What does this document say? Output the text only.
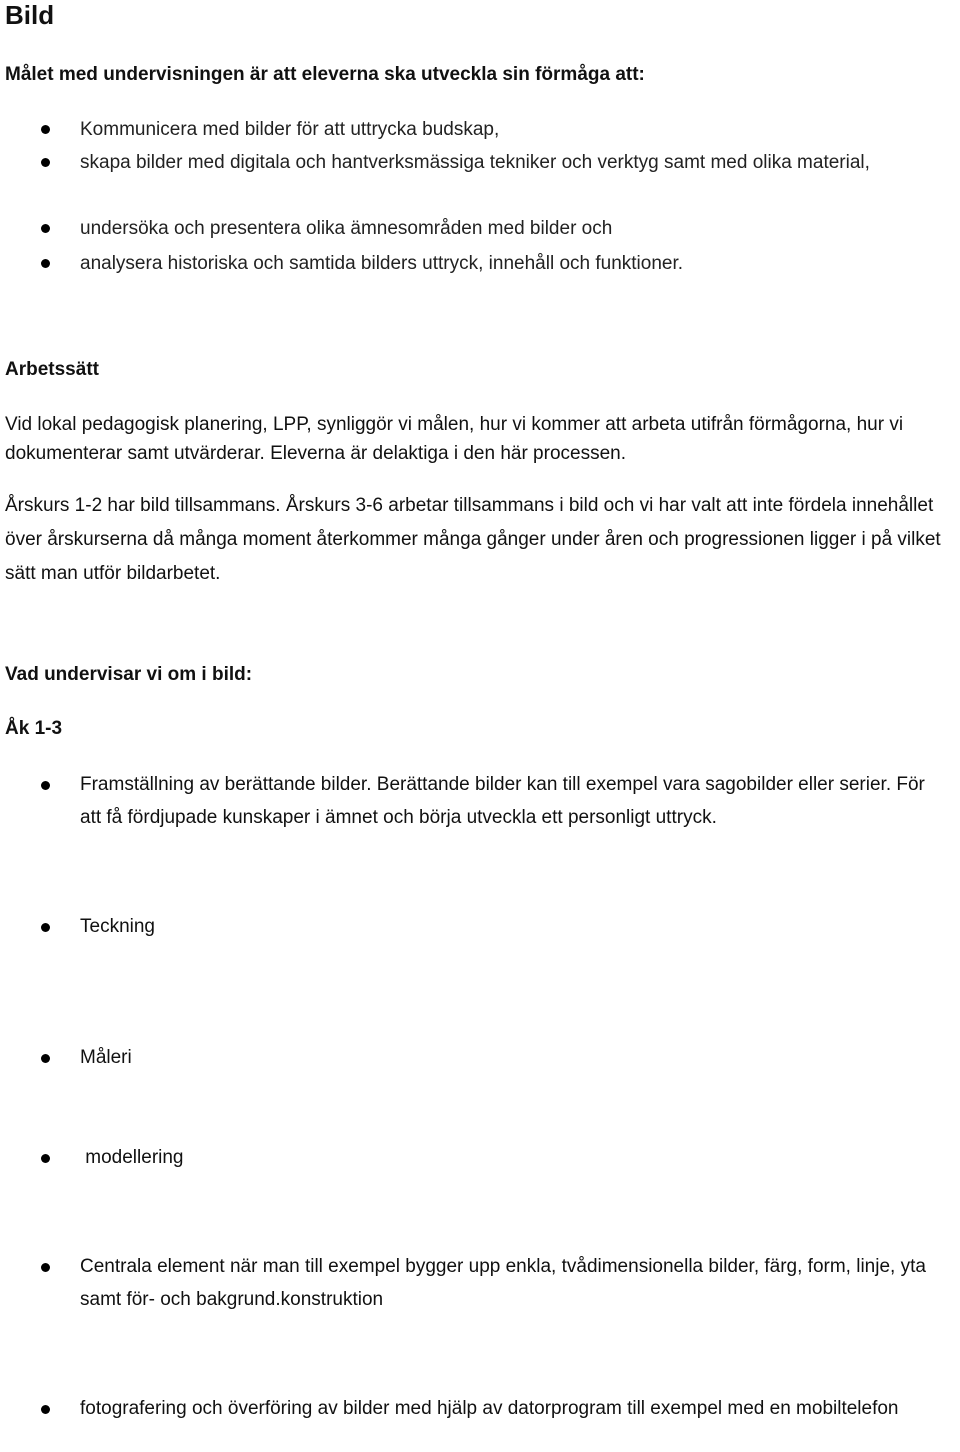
Bild

Målet med undervisningen är att eleverna ska utveckla sin förmåga att:

Kommunicera med bilder för att uttrycka budskap,
skapa bilder med digitala och hantverksmässiga tekniker och verktyg samt med olika material,
undersöka och presentera olika ämnesområden med bilder och
analysera historiska och samtida bilders uttryck, innehåll och funktioner.

Arbetssätt

Vid lokal pedagogisk planering, LPP, synliggör vi målen, hur vi kommer att arbeta utifrån förmågorna, hur vi dokumenterar samt utvärderar. Eleverna är delaktiga i den här processen.

Årskurs 1-2 har bild tillsammans. Årskurs 3-6 arbetar tillsammans i bild och vi har valt att inte fördela innehållet över årskurserna då många moment återkommer många gånger under åren och progressionen ligger i på vilket sätt man utför bildarbetet.

Vad undervisar vi om i bild:

Åk 1-3

Framställning av berättande bilder. Berättande bilder kan till exempel vara sagobilder eller serier. För att få fördjupade kunskaper i ämnet och börja utveckla ett personligt uttryck.
Teckning
Måleri
modellering
Centrala element när man till exempel bygger upp enkla, tvådimensionella bilder, färg, form, linje, yta samt för- och bakgrund.konstruktion
fotografering och överföring av bilder med hjälp av datorprogram till exempel med en mobiltelefon
